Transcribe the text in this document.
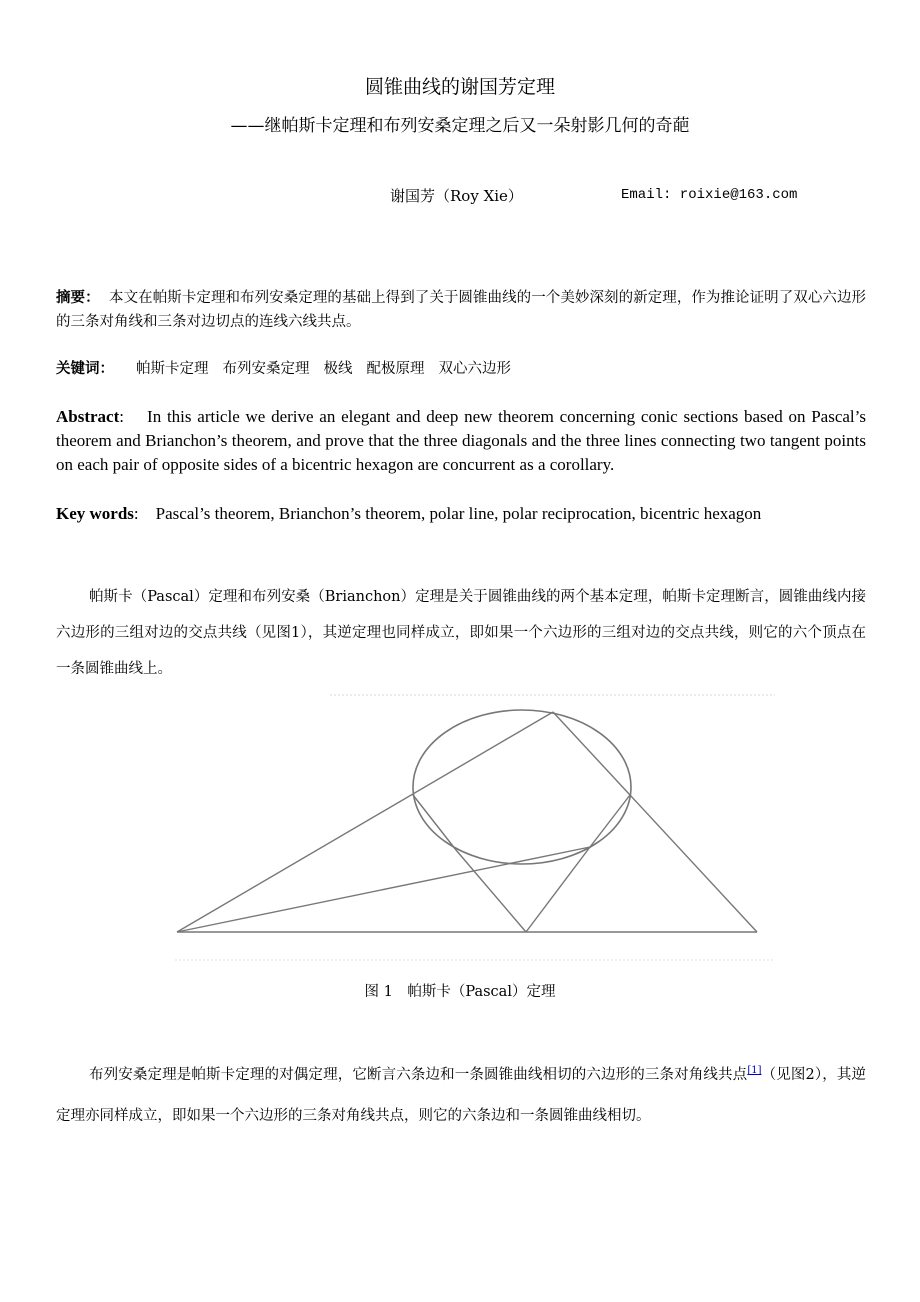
圆锥曲线的谢国芳定理
——继帕斯卡定理和布列安桑定理之后又一朵射影几何的奇葩
谢国芳（Roy Xie）	Email: roixie@163.com
摘要： 本文在帕斯卡定理和布列安桑定理的基础上得到了关于圆锥曲线的一个美妙深刻的新定理，作为推论证明了双心六边形的三条对角线和三条对边切点的连线六线共点。
关键词： 帕斯卡定理 布列安桑定理 极线 配极原理 双心六边形
Abstract:    In this article we derive an elegant and deep new theorem concerning conic sections based on Pascal’s theorem and Brianchon’s theorem, and prove that the three diagonals and the three lines connecting two tangent points on each pair of opposite sides of a bicentric hexagon are concurrent as a corollary.
Key words:    Pascal’s theorem, Brianchon’s theorem, polar line, polar reciprocation, bicentric hexagon
帕斯卡（Pascal）定理和布列安桑（Brianchon）定理是关于圆锥曲线的两个基本定理，帕斯卡定理断言，圆锥曲线内接六边形的三组对边的交点共线（见图1），其逆定理也同样成立，即如果一个六边形的三组对边的交点共线，则它的六个顶点在一条圆锥曲线上。
图 1　帕斯卡（Pascal）定理
布列安桑定理是帕斯卡定理的对偶定理，它断言六条边和一条圆锥曲线相切的六边形的三条对角线共点[1]（见图2），其逆定理亦同样成立，即如果一个六边形的三条对角线共点，则它的六条边和一条圆锥曲线相切。
